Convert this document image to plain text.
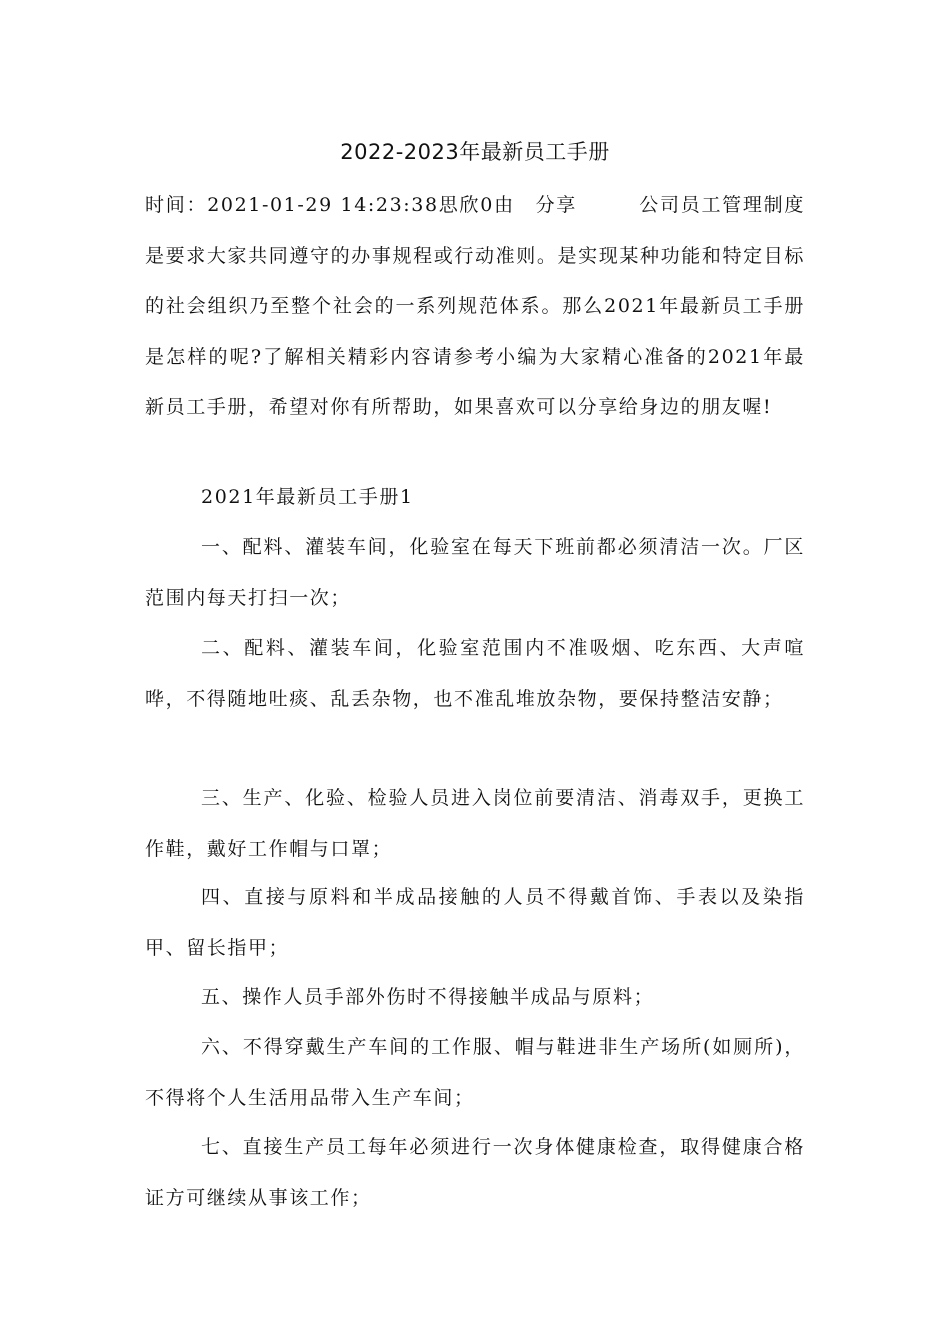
2022-2023年最新员工手册

时间：2021-01-29 14:23:38思欣0由　分享　　　公司员工管理制度是要求大家共同遵守的办事规程或行动准则。是实现某种功能和特定目标的社会组织乃至整个社会的一系列规范体系。那么2021年最新员工手册是怎样的呢?了解相关精彩内容请参考小编为大家精心准备的2021年最新员工手册，希望对你有所帮助，如果喜欢可以分享给身边的朋友喔!

2021年最新员工手册1

一、配料、灌装车间，化验室在每天下班前都必须清洁一次。厂区范围内每天打扫一次；

二、配料、灌装车间，化验室范围内不准吸烟、吃东西、大声喧哗，不得随地吐痰、乱丢杂物，也不准乱堆放杂物，要保持整洁安静；

三、生产、化验、检验人员进入岗位前要清洁、消毒双手，更换工作鞋，戴好工作帽与口罩；

四、直接与原料和半成品接触的人员不得戴首饰、手表以及染指甲、留长指甲；

五、操作人员手部外伤时不得接触半成品与原料；

六、不得穿戴生产车间的工作服、帽与鞋进非生产场所(如厕所)，不得将个人生活用品带入生产车间；

七、直接生产员工每年必须进行一次身体健康检查，取得健康合格证方可继续从事该工作；
